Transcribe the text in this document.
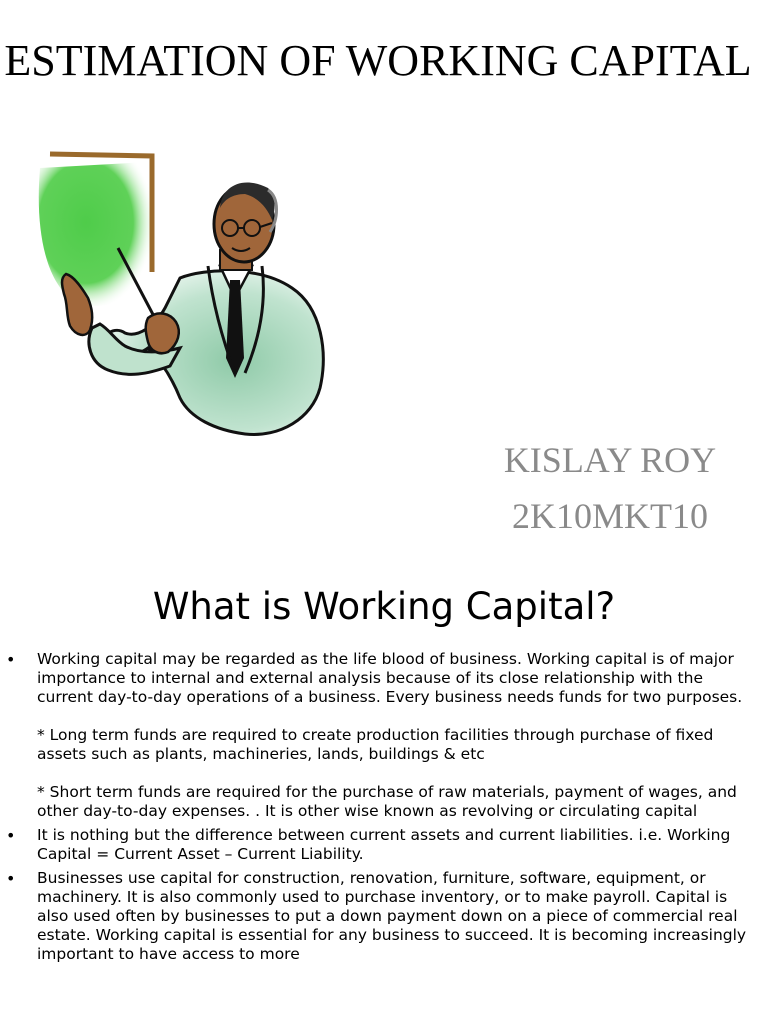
ESTIMATION OF WORKING CAPITAL

KISLAY ROY

2K10MKT10

What is Working Capital?
• Working capital may be regarded as the life blood of business. Working capital is of major importance to internal and external analysis because of its close relationship with the current day-to-day operations of a business. Every business needs funds for two purposes.

* Long term funds are required to create production facilities through purchase of fixed assets such as plants, machineries, lands, buildings & etc

* Short term funds are required for the purchase of raw materials, payment of wages, and other day-to-day expenses. . It is other wise known as revolving or circulating capital

• It is nothing but the difference between current assets and current liabilities. i.e. Working Capital = Current Asset – Current Liability.

• Businesses use capital for construction, renovation, furniture, software, equipment, or machinery. It is also commonly used to purchase inventory, or to make payroll. Capital is also used often by businesses to put a down payment down on a piece of commercial real estate. Working capital is essential for any business to succeed. It is becoming increasingly important to have access to more
